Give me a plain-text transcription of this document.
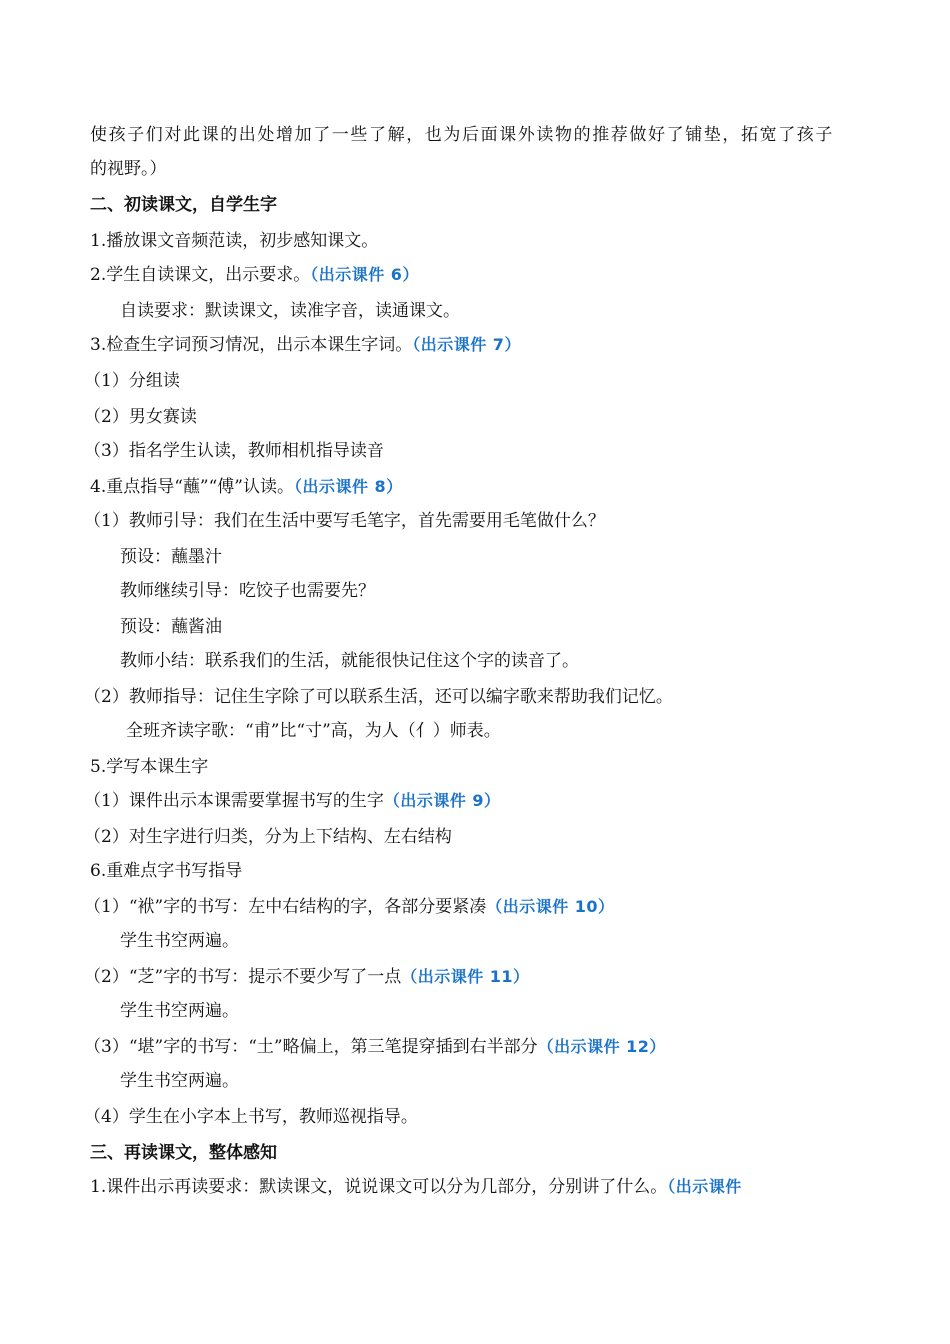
使孩子们对此课的出处增加了一些了解，也为后面课外读物的推荐做好了铺垫，拓宽了孩子
的视野。）
二、初读课文，自学生字
1.播放课文音频范读，初步感知课文。
2.学生自读课文，出示要求。（出示课件 6）
自读要求：默读课文，读准字音，读通课文。
3.检查生字词预习情况，出示本课生字词。（出示课件 7）
（1）分组读
（2）男女赛读
（3）指名学生认读，教师相机指导读音
4.重点指导“蘸”“傅”认读。（出示课件 8）
（1）教师引导：我们在生活中要写毛笔字，首先需要用毛笔做什么？
预设：蘸墨汁
教师继续引导：吃饺子也需要先？
预设：蘸酱油
教师小结：联系我们的生活，就能很快记住这个字的读音了。
（2）教师指导：记住生字除了可以联系生活，还可以编字歌来帮助我们记忆。
全班齐读字歌：“甫”比“寸”高，为人（亻）师表。
5.学写本课生字
（1）课件出示本课需要掌握书写的生字（出示课件 9）
（2）对生字进行归类，分为上下结构、左右结构
6.重难点字书写指导
（1）“袱”字的书写：左中右结构的字，各部分要紧凑（出示课件 10）
学生书空两遍。
（2）“芝”字的书写：提示不要少写了一点（出示课件 11）
学生书空两遍。
（3）“堪”字的书写：“土”略偏上，第三笔提穿插到右半部分（出示课件 12）
学生书空两遍。
（4）学生在小字本上书写，教师巡视指导。
三、再读课文，整体感知
1.课件出示再读要求：默读课文，说说课文可以分为几部分，分别讲了什么。（出示课件
